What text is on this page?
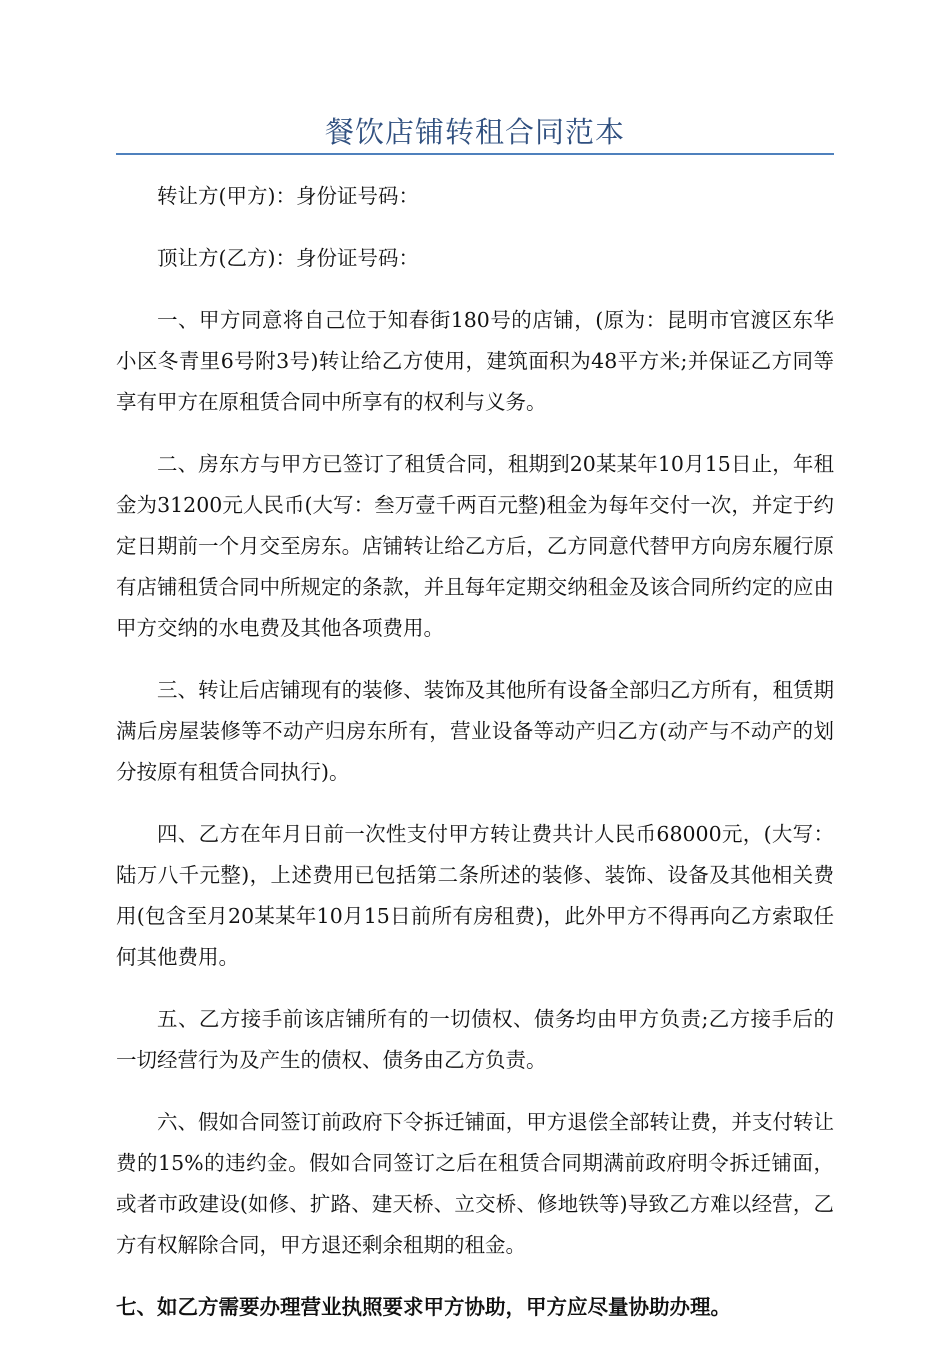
餐饮店铺转租合同范本

转让方(甲方)：身份证号码：

顶让方(乙方)：身份证号码：

一、甲方同意将自己位于知春街180号的店铺，(原为：昆明市官渡区东华小区冬青里6号附3号)转让给乙方使用，建筑面积为48平方米;并保证乙方同等享有甲方在原租赁合同中所享有的权利与义务。

二、房东方与甲方已签订了租赁合同，租期到20某某年10月15日止，年租金为31200元人民币(大写：叁万壹千两百元整)租金为每年交付一次，并定于约定日期前一个月交至房东。店铺转让给乙方后，乙方同意代替甲方向房东履行原有店铺租赁合同中所规定的条款，并且每年定期交纳租金及该合同所约定的应由甲方交纳的水电费及其他各项费用。

三、转让后店铺现有的装修、装饰及其他所有设备全部归乙方所有，租赁期满后房屋装修等不动产归房东所有，营业设备等动产归乙方(动产与不动产的划分按原有租赁合同执行)。

四、乙方在年月日前一次性支付甲方转让费共计人民币68000元，(大写：陆万八千元整)，上述费用已包括第二条所述的装修、装饰、设备及其他相关费用(包含至月20某某年10月15日前所有房租费)，此外甲方不得再向乙方索取任何其他费用。

五、乙方接手前该店铺所有的一切债权、债务均由甲方负责;乙方接手后的一切经营行为及产生的债权、债务由乙方负责。

六、假如合同签订前政府下令拆迁铺面，甲方退偿全部转让费，并支付转让费的15%的违约金。假如合同签订之后在租赁合同期满前政府明令拆迁铺面，或者市政建设(如修、扩路、建天桥、立交桥、修地铁等)导致乙方难以经营，乙方有权解除合同，甲方退还剩余租期的租金。

七、如乙方需要办理营业执照要求甲方协助，甲方应尽量协助办理。
